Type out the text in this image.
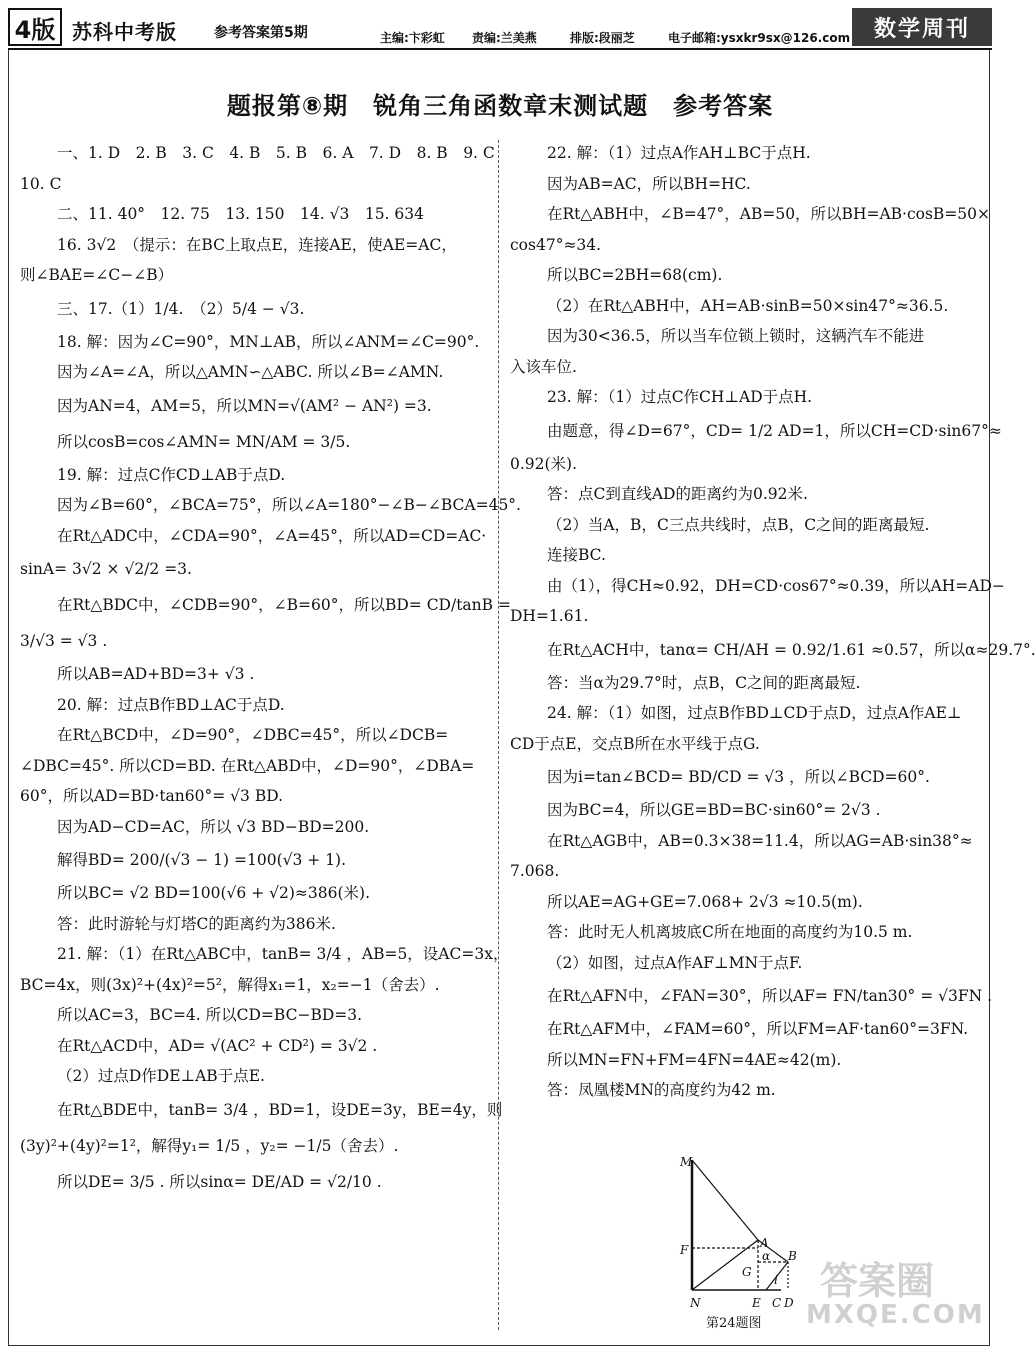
4版 苏科中考版	参考答案第5期	主编:卞彩虹 责编:兰美燕	排版:段丽芝	电子邮箱:ysxkr9sx@126.com	数学周刊
题报第⑧期　锐角三角函数章末测试题　参考答案
一、1. D　2. B　3. C　4. B　5. B　6. A　7. D　8. B　9. C
10. C
二、11. 40°　12. 75　13. 150　14. √3　15. 634
16. 3√2　（提示：在BC上取点E，连接AE，使AE=AC，
则∠BAE=∠C−∠B）
三、17.（1）1/4.　（2）5/4 − √3.
18. 解：因为∠C=90°，MN⊥AB，所以∠ANM=∠C=90°.
因为∠A=∠A，所以△AMN∽△ABC. 所以∠B=∠AMN.
因为AN=4，AM=5，所以MN=√(AM² − AN²) =3.
所以cosB=cos∠AMN= MN/AM = 3/5.
19. 解：过点C作CD⊥AB于点D.
因为∠B=60°，∠BCA=75°，所以∠A=180°−∠B−∠BCA=45°.
在Rt△ADC中，∠CDA=90°，∠A=45°，所以AD=CD=AC·
sinA= 3√2 × √2/2 =3.
在Rt△BDC中，∠CDB=90°，∠B=60°，所以BD= CD/tanB =
3/√3 = √3 .
所以AB=AD+BD=3+ √3 .
20. 解：过点B作BD⊥AC于点D.
在Rt△BCD中，∠D=90°，∠DBC=45°，所以∠DCB=
∠DBC=45°. 所以CD=BD. 在Rt△ABD中，∠D=90°，∠DBA=
60°，所以AD=BD·tan60°= √3 BD.
因为AD−CD=AC，所以 √3 BD−BD=200.
解得BD= 200/(√3 − 1) =100(√3 + 1).
所以BC= √2 BD=100(√6 + √2)≈386(米).
答：此时游轮与灯塔C的距离约为386米.
21. 解：（1）在Rt△ABC中，tanB= 3/4 ，AB=5，设AC=3x，
BC=4x，则(3x)²+(4x)²=5²，解得x₁=1，x₂=−1（舍去）.
所以AC=3，BC=4. 所以CD=BC−BD=3.
在Rt△ACD中，AD= √(AC² + CD²) = 3√2 .
（2）过点D作DE⊥AB于点E.
在Rt△BDE中，tanB= 3/4 ，BD=1，设DE=3y，BE=4y，则
(3y)²+(4y)²=1²，解得y₁= 1/5 ，y₂= −1/5（舍去）.
所以DE= 3/5 . 所以sinα= DE/AD = √2/10 .
22. 解：（1）过点A作AH⊥BC于点H.
因为AB=AC，所以BH=HC.
在Rt△ABH中，∠B=47°，AB=50，所以BH=AB·cosB=50×
cos47°≈34.
所以BC=2BH=68(cm).
（2）在Rt△ABH中，AH=AB·sinB=50×sin47°≈36.5.
因为30<36.5，所以当车位锁上锁时，这辆汽车不能进
入该车位.
23. 解：（1）过点C作CH⊥AD于点H.
由题意，得∠D=67°，CD= 1/2 AD=1，所以CH=CD·sin67°≈
0.92(米).
答：点C到直线AD的距离约为0.92米.
（2）当A，B，C三点共线时，点B，C之间的距离最短.
连接BC.
由（1），得CH≈0.92，DH=CD·cos67°≈0.39，所以AH=AD−
DH=1.61.
在Rt△ACH中，tanα= CH/AH = 0.92/1.61 ≈0.57，所以α≈29.7°.
答：当α为29.7°时，点B，C之间的距离最短.
24. 解：（1）如图，过点B作BD⊥CD于点D，过点A作AE⊥
CD于点E，交点B所在水平线于点G.
因为i=tan∠BCD= BD/CD = √3 ，所以∠BCD=60°.
因为BC=4，所以GE=BD=BC·sin60°= 2√3 .
在Rt△AGB中，AB=0.3×38=11.4，所以AG=AB·sin38°≈
7.068.
所以AE=AG+GE=7.068+ 2√3 ≈10.5(m).
答：此时无人机离坡底C所在地面的高度约为10.5 m.
（2）如图，过点A作AF⊥MN于点F.
在Rt△AFN中，∠FAN=30°，所以AF= FN/tan30° = √3FN .
在Rt△AFM中，∠FAM=60°，所以FM=AF·tan60°=3FN.
所以MN=FN+FM=4FN=4AE≈42(m).
答：凤凰楼MN的高度约为42 m.
M
F	A
α
G
B
i
N	E C D
第24题图
答案圈
MXQE.COM
